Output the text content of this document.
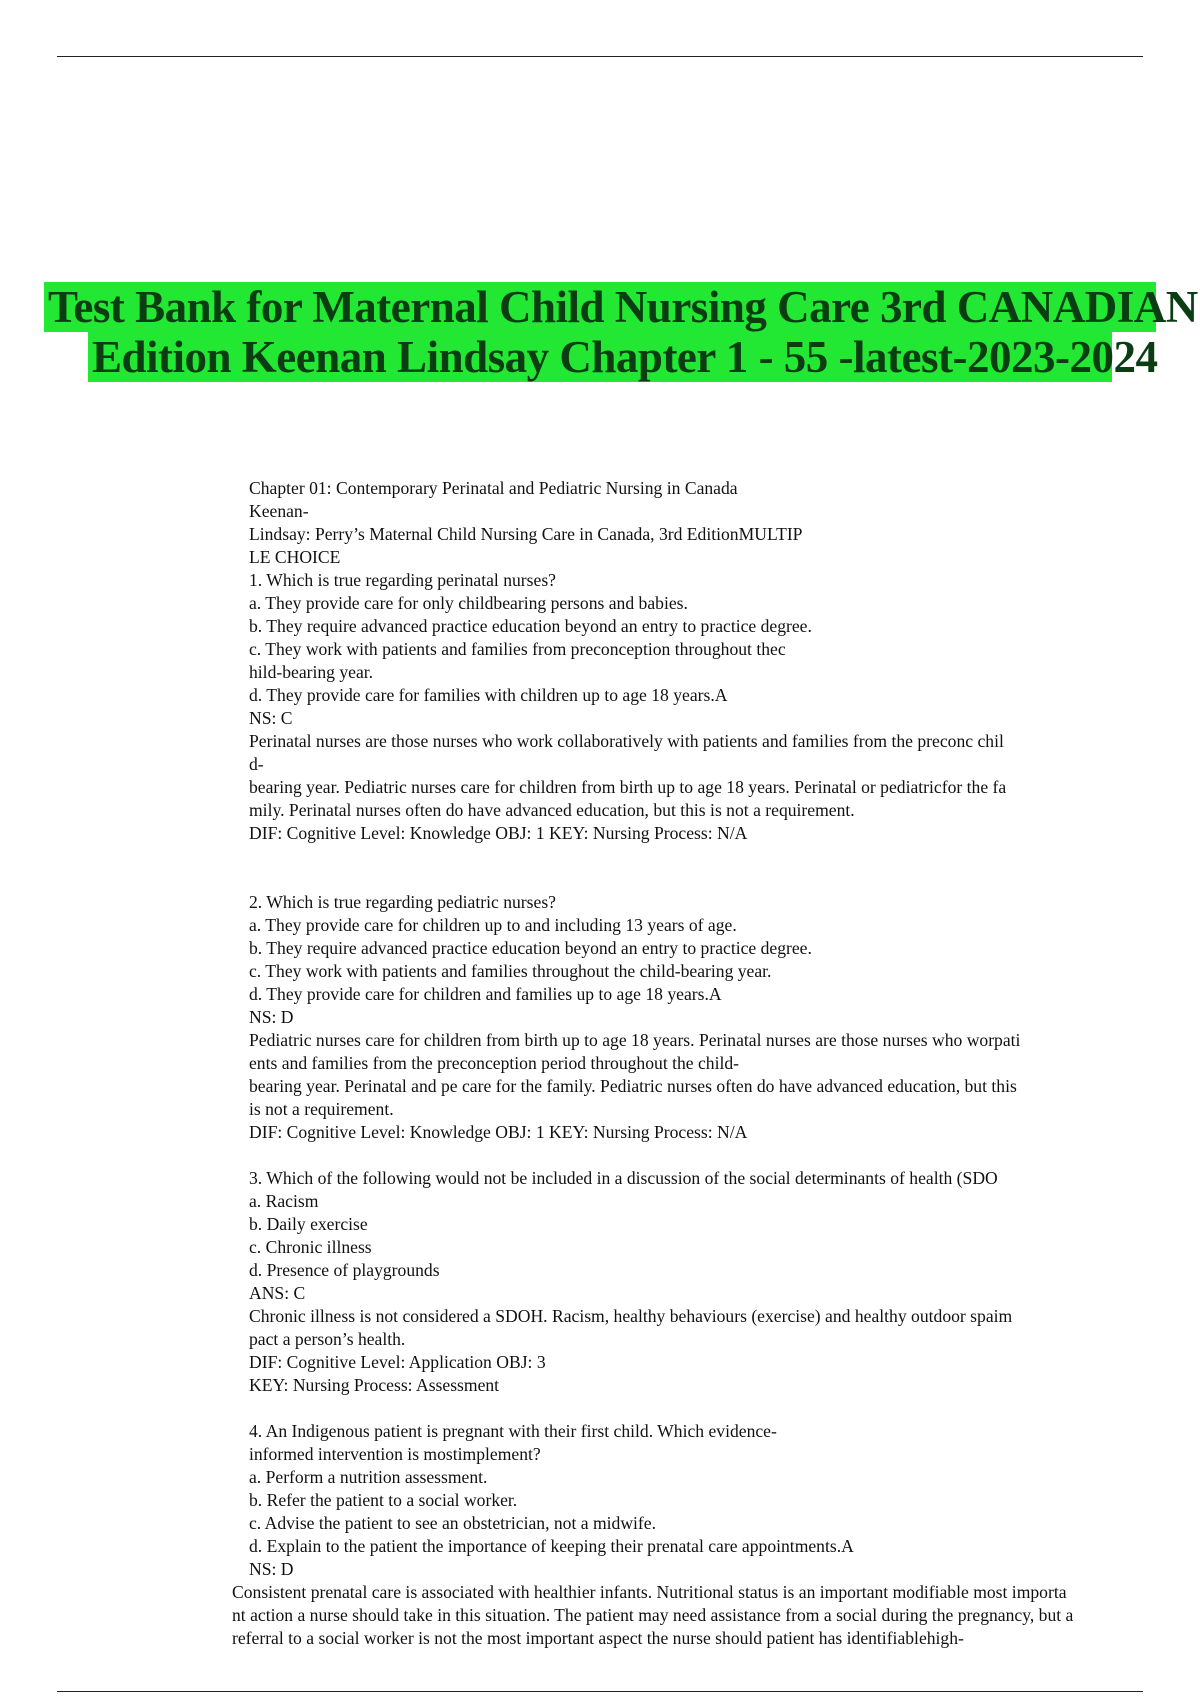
Test Bank for Maternal Child Nursing Care 3rd CANADIAN
Edition Keenan Lindsay Chapter 1 - 55 -latest-2023-2024

Chapter 01: Contemporary Perinatal and Pediatric Nursing in Canada

Keenan-

Lindsay: Perry’s Maternal Child Nursing Care in Canada, 3rd EditionMULTIP

LE CHOICE

1. Which is true regarding perinatal nurses?

a. They provide care for only childbearing persons and babies.

b. They require advanced practice education beyond an entry to practice degree.

c. They work with patients and families from preconception throughout thec

hild-bearing year.

d. They provide care for families with children up to age 18 years.A

NS: C

Perinatal nurses are those nurses who work collaboratively with patients and families from the preconc chil

d-

bearing year. Pediatric nurses care for children from birth up to age 18 years. Perinatal or pediatricfor the fa

mily. Perinatal nurses often do have advanced education, but this is not a requirement.

DIF: Cognitive Level: Knowledge OBJ: 1 KEY: Nursing Process: N/A

2. Which is true regarding pediatric nurses?

a. They provide care for children up to and including 13 years of age.

b. They require advanced practice education beyond an entry to practice degree.

c. They work with patients and families throughout the child-bearing year.

d. They provide care for children and families up to age 18 years.A

NS: D

Pediatric nurses care for children from birth up to age 18 years. Perinatal nurses are those nurses who worpati

ents and families from the preconception period throughout the child-

bearing year. Perinatal and pe care for the family. Pediatric nurses often do have advanced education, but this

is not a requirement.

DIF: Cognitive Level: Knowledge OBJ: 1 KEY: Nursing Process: N/A

3. Which of the following would not be included in a discussion of the social determinants of health (SDO

a. Racism

b. Daily exercise

c. Chronic illness

d. Presence of playgrounds

ANS: C

Chronic illness is not considered a SDOH. Racism, healthy behaviours (exercise) and healthy outdoor spaim

pact a person’s health.

DIF: Cognitive Level: Application OBJ: 3

KEY: Nursing Process: Assessment

4. An Indigenous patient is pregnant with their first child. Which evidence-

informed intervention is mostimplement?

a. Perform a nutrition assessment.

b. Refer the patient to a social worker.

c. Advise the patient to see an obstetrician, not a midwife.

d. Explain to the patient the importance of keeping their prenatal care appointments.A

NS: D

Consistent prenatal care is associated with healthier infants. Nutritional status is an important modifiable most importa

nt action a nurse should take in this situation. The patient may need assistance from a social during the pregnancy, but a

referral to a social worker is not the most important aspect the nurse should patient has identifiablehigh-
